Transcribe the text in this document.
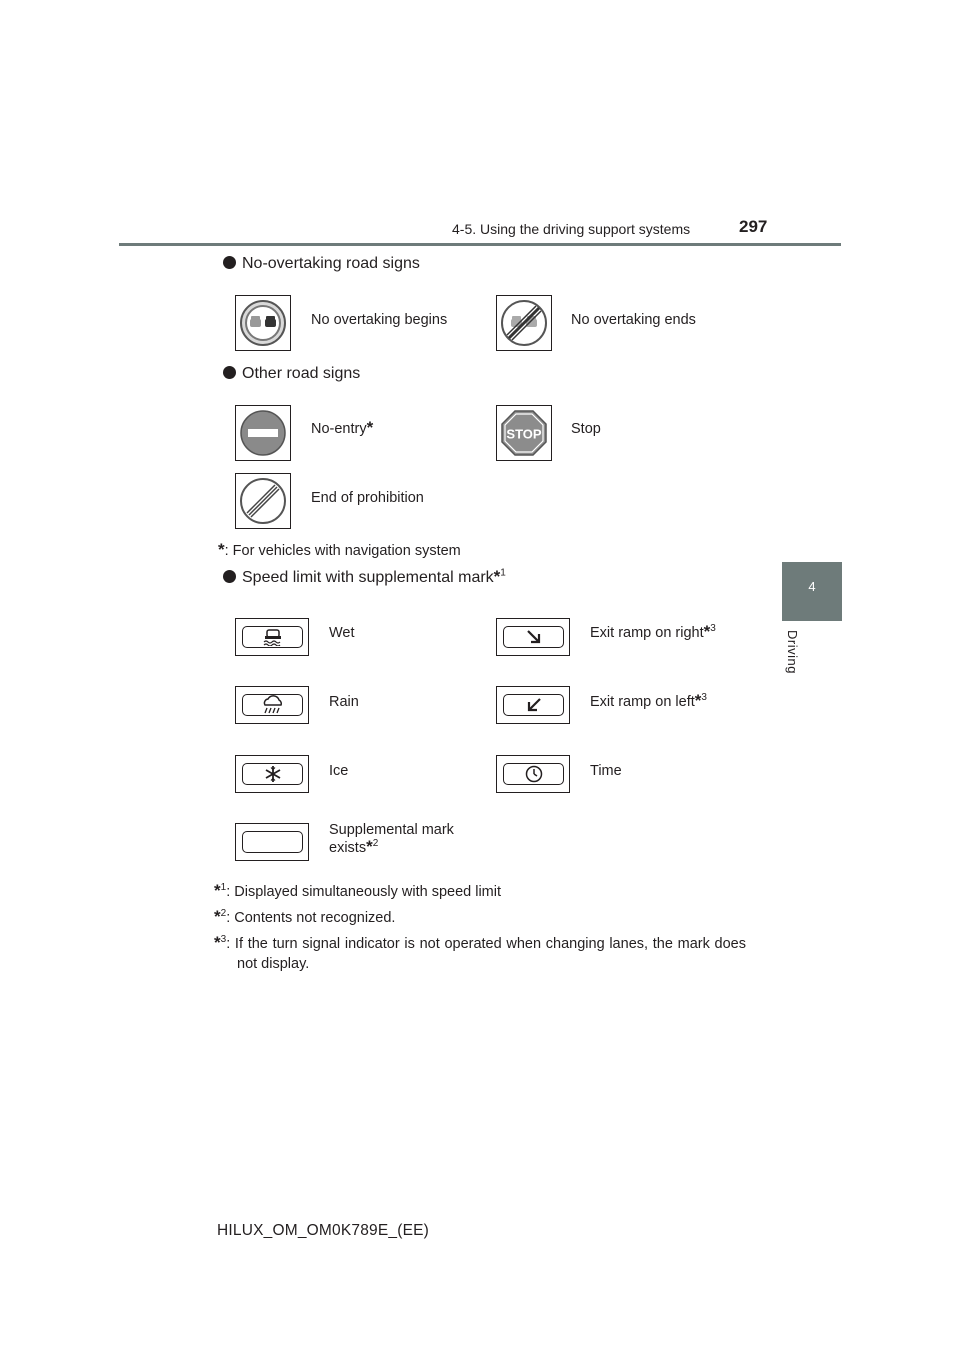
4-5. Using the driving support systems	297
4
Driving
No-overtaking road signs
No overtaking begins	No overtaking ends
Other road signs
No-entry*	STOP Stop
End of prohibition
*: For vehicles with navigation system
Speed limit with supplemental mark*$^1$
Wet	Exit ramp on right*$^3$
Rain	Exit ramp on left*$^3$
Ice	Time
Supplemental mark
exists*$^2$
*$^1$: Displayed simultaneously with speed limit
*$^2$: Contents not recognized.
*$^3$: If the turn signal indicator is not operated when changing lanes, the mark does not display.
HILUX_OM_OM0K789E_(EE)
